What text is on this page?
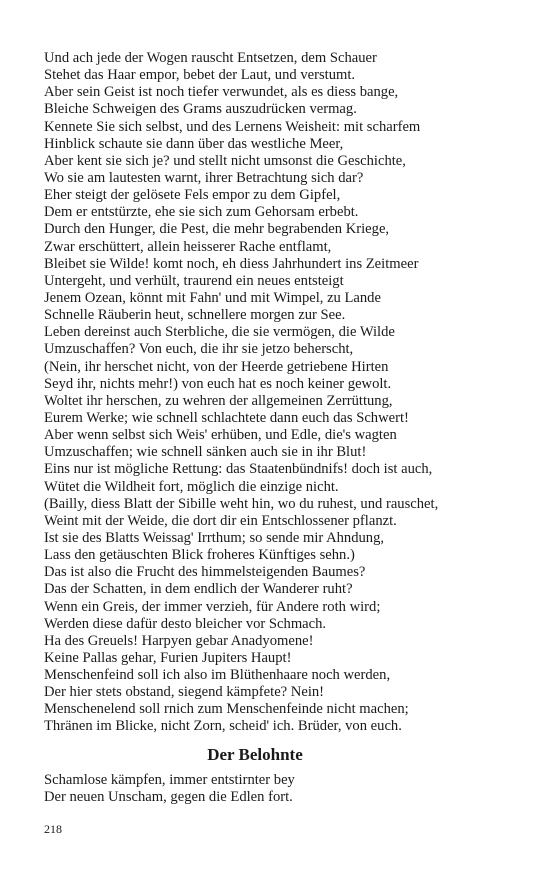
Und ach jede der Wogen rauscht Entsetzen, dem Schauer
Stehet das Haar empor, bebet der Laut, und verstumt.
Aber sein Geist ist noch tiefer verwundet, als es diess bange,
Bleiche Schweigen des Grams auszudrücken vermag.
Kennete Sie sich selbst, und des Lernens Weisheit: mit scharfem
Hinblick schaute sie dann über das westliche Meer,
Aber kent sie sich je? und stellt nicht umsonst die Geschichte,
Wo sie am lautesten warnt, ihrer Betrachtung sich dar?
Eher steigt der gelösete Fels empor zu dem Gipfel,
Dem er entstürzte, ehe sie sich zum Gehorsam erbebt.
Durch den Hunger, die Pest, die mehr begrabenden Kriege,
Zwar erschüttert, allein heisserer Rache entflamt,
Bleibet sie Wilde! komt noch, eh diess Jahrhundert ins Zeitmeer
Untergeht, und verhült, traurend ein neues entsteigt
Jenem Ozean, könnt mit Fahn' und mit Wimpel, zu Lande
Schnelle Räuberin heut, schnellere morgen zur See.
Leben dereinst auch Sterbliche, die sie vermögen, die Wilde
Umzuschaffen? Von euch, die ihr sie jetzo beherscht,
(Nein, ihr herschet nicht, von der Heerde getriebene Hirten
Seyd ihr, nichts mehr!) von euch hat es noch keiner gewolt.
Woltet ihr herschen, zu wehren der allgemeinen Zerrüttung,
Eurem Werke; wie schnell schlachtete dann euch das Schwert!
Aber wenn selbst sich Weis' erhüben, und Edle, die's wagten
Umzuschaffen; wie schnell sänken auch sie in ihr Blut!
Eins nur ist mögliche Rettung: das Staatenbündnifs! doch ist auch,
Wütet die Wildheit fort, möglich die einzige nicht.
(Bailly, diess Blatt der Sibille weht hin, wo du ruhest, und rauschet,
Weint mit der Weide, die dort dir ein Entschlossener pflanzt.
Ist sie des Blatts Weissag' Irrthum; so sende mir Ahndung,
Lass den getäuschten Blick froheres Künftiges sehn.)
Das ist also die Frucht des himmelsteigenden Baumes?
Das der Schatten, in dem endlich der Wanderer ruht?
Wenn ein Greis, der immer verzieh, für Andere roth wird;
Werden diese dafür desto bleicher vor Schmach.
Ha des Greuels! Harpyen gebar Anadyomene!
Keine Pallas gehar, Furien Jupiters Haupt!
Menschenfeind soll ich also im Blüthenhaare noch werden,
Der hier stets obstand, siegend kämpfete? Nein!
Menschenelend soll rnich zum Menschenfeinde nicht machen;
Thränen im Blicke, nicht Zorn, scheid' ich. Brüder, von euch.
Der Belohnte
Schamlose kämpfen, immer entstirnter bey
Der neuen Unscham, gegen die Edlen fort.
218
